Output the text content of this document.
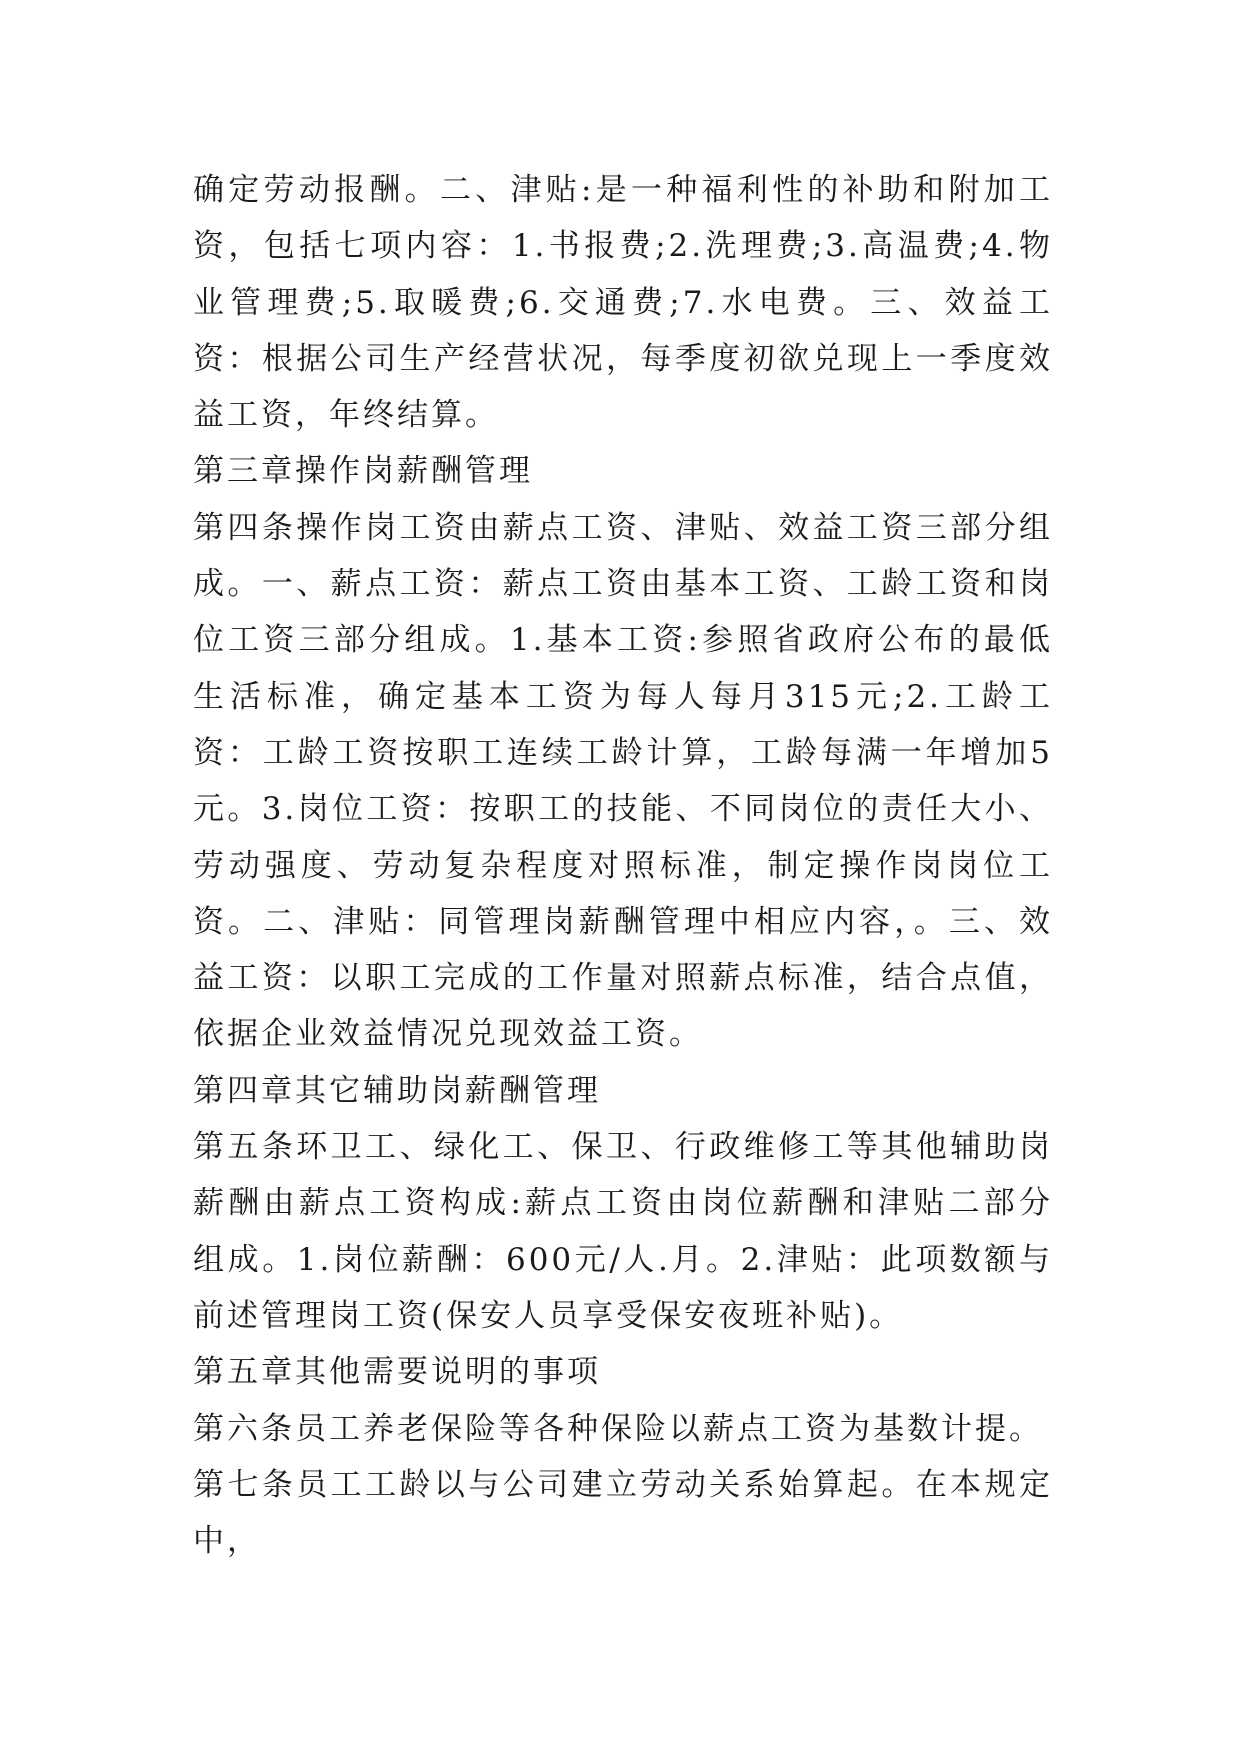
确定劳动报酬。二、津贴:是一种福利性的补助和附加工资，包括七项内容：1.书报费;2.洗理费;3.高温费;4.物业管理费;5.取暖费;6.交通费;7.水电费。三、效益工资：根据公司生产经营状况，每季度初欲兑现上一季度效益工资，年终结算。

第三章操作岗薪酬管理

第四条操作岗工资由薪点工资、津贴、效益工资三部分组成。一、薪点工资：薪点工资由基本工资、工龄工资和岗位工资三部分组成。1.基本工资:参照省政府公布的最低生活标准，确定基本工资为每人每月315元;2.工龄工资：工龄工资按职工连续工龄计算，工龄每满一年增加5元。3.岗位工资：按职工的技能、不同岗位的责任大小、劳动强度、劳动复杂程度对照标准，制定操作岗岗位工资。二、津贴：同管理岗薪酬管理中相应内容，。三、效益工资：以职工完成的工作量对照薪点标准，结合点值，依据企业效益情况兑现效益工资。

第四章其它辅助岗薪酬管理

第五条环卫工、绿化工、保卫、行政维修工等其他辅助岗薪酬由薪点工资构成:薪点工资由岗位薪酬和津贴二部分组成。1.岗位薪酬：600元/人.月。2.津贴：此项数额与前述管理岗工资(保安人员享受保安夜班补贴)。

第五章其他需要说明的事项

第六条员工养老保险等各种保险以薪点工资为基数计提。

第七条员工工龄以与公司建立劳动关系始算起。在本规定中，
